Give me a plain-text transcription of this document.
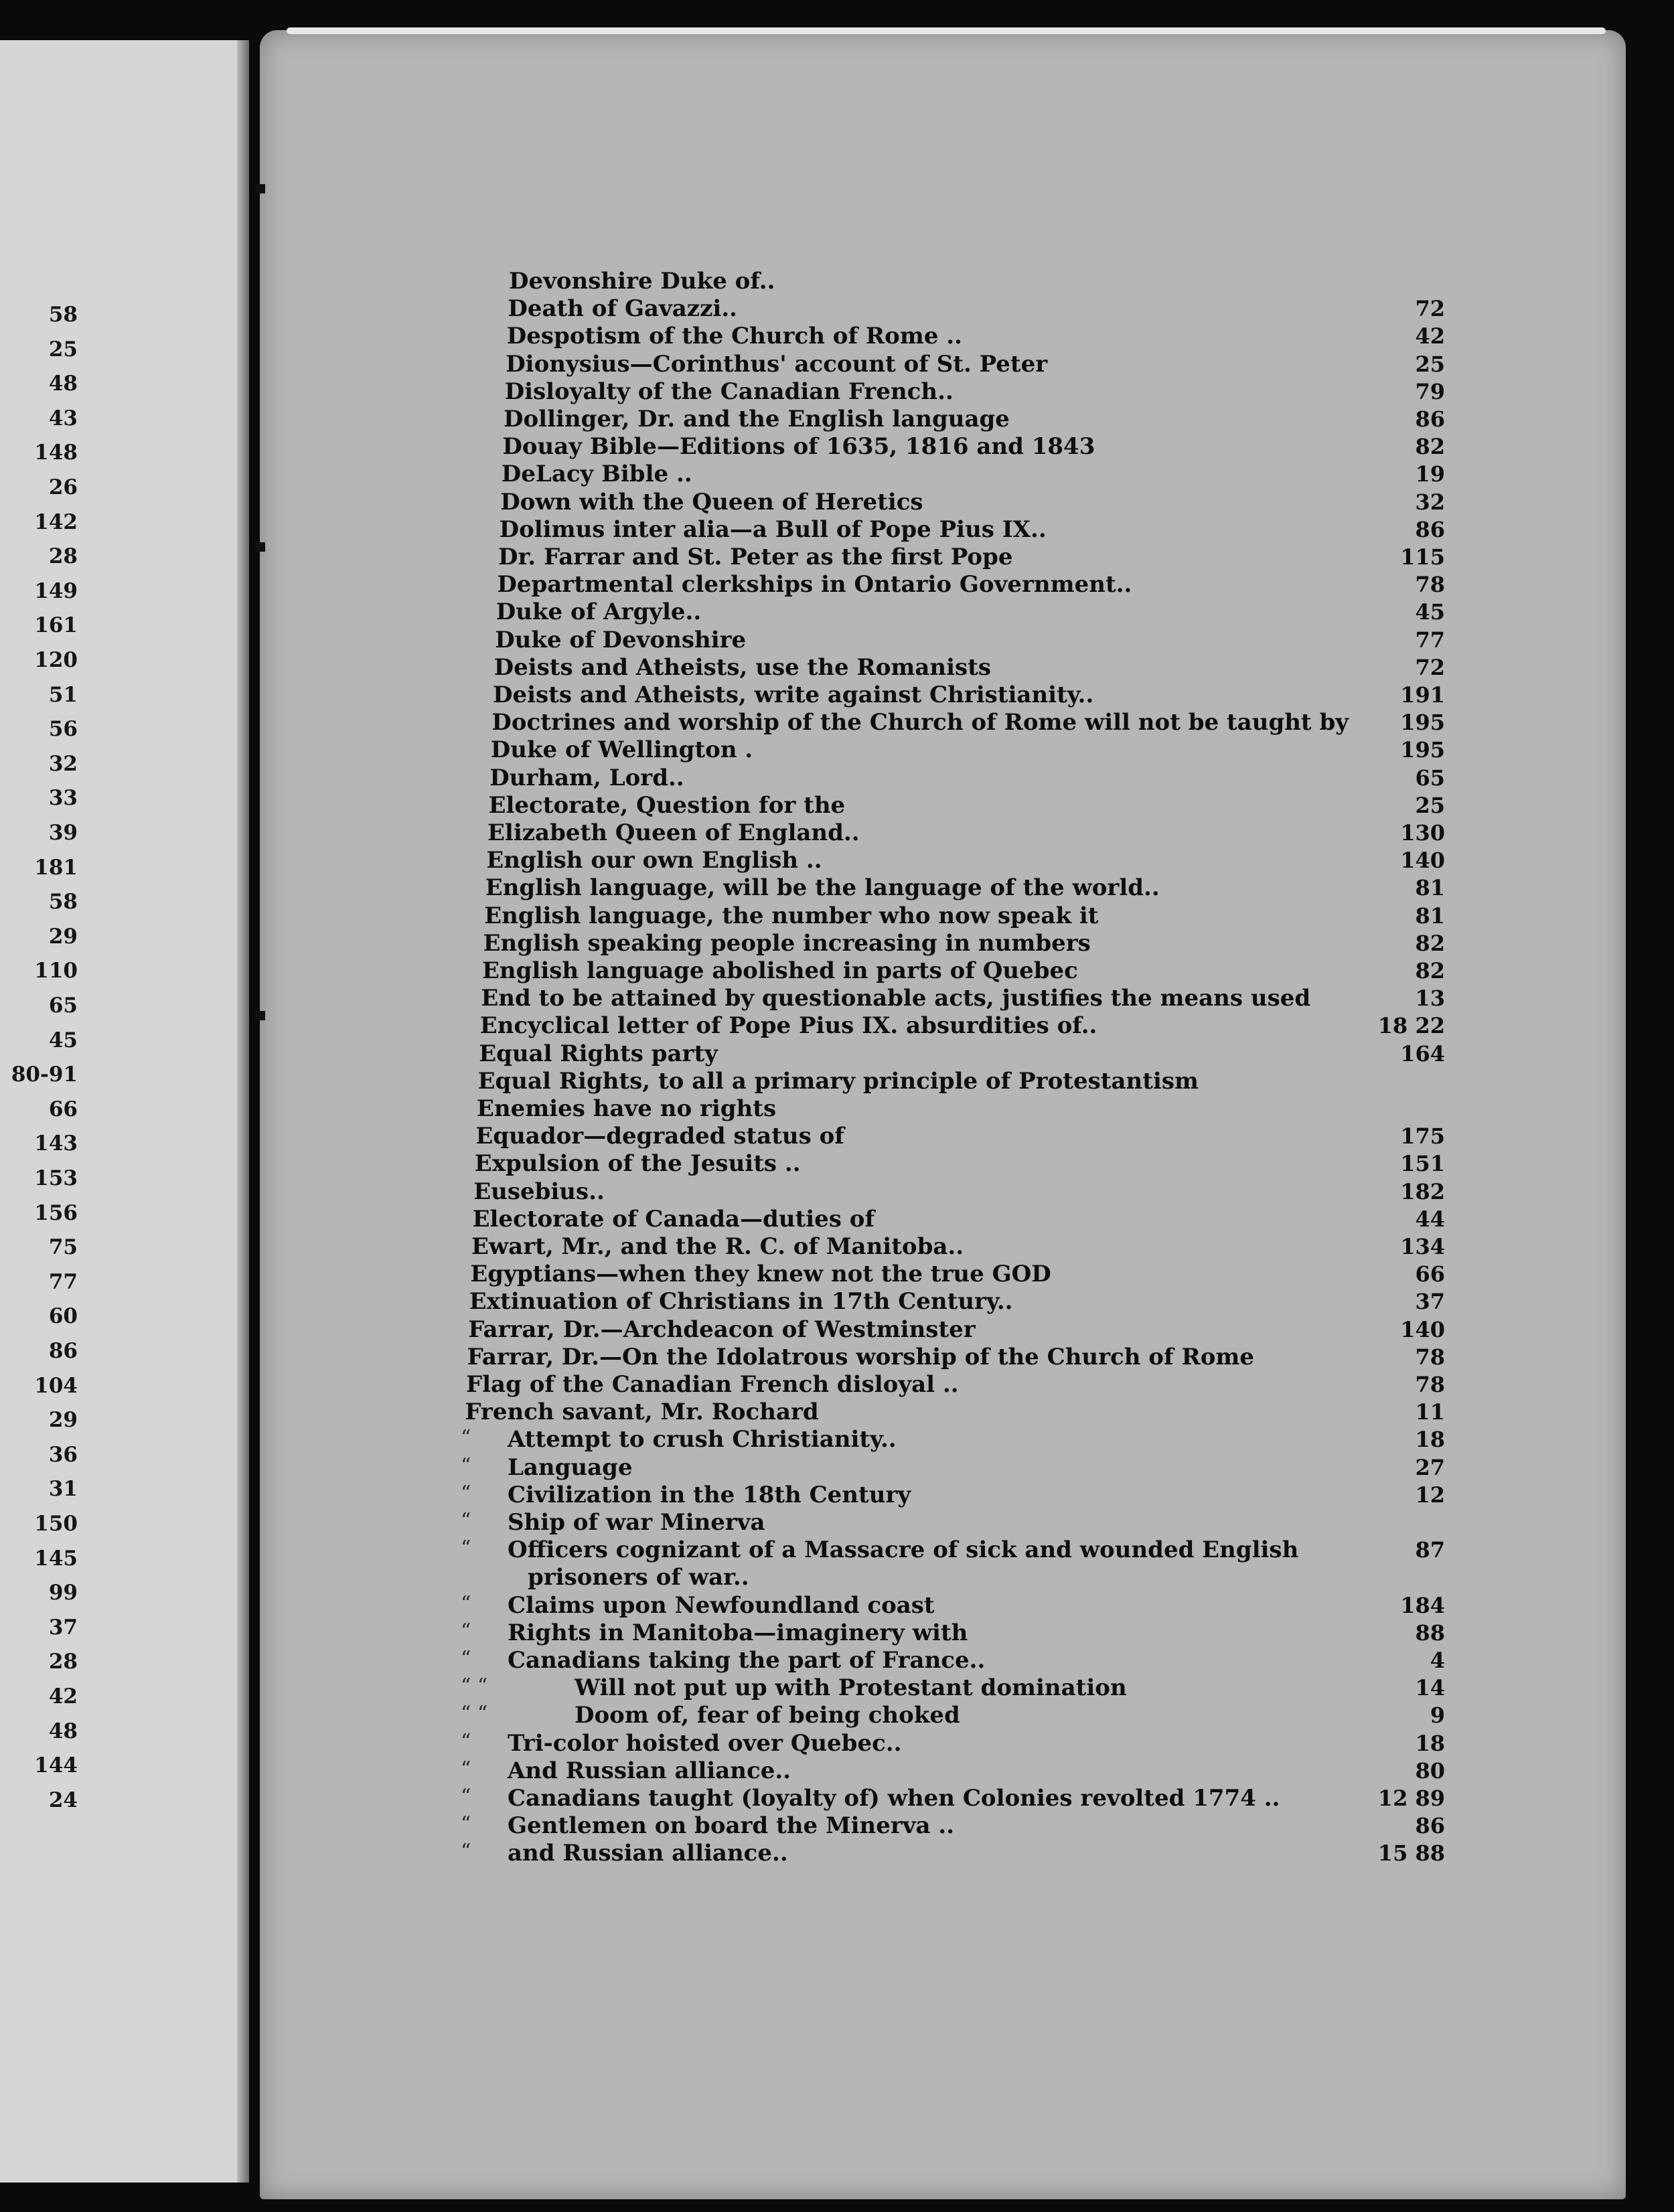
58
25
48
43
148
26
142
28
149
161
120
51
56
32
33
39
181
58
29
110
65
45
80-91
66
143
153
156
75
77
60
86
104
29
36
31
150
145
99
37
28
42
48
144
24
Devonshire Duke of..
Death of Gavazzi..	72
Despotism of the Church of Rome ..	42
Dionysius—Corinthus' account of St. Peter	25
Disloyalty of the Canadian French..	79
Dollinger, Dr. and the English language	86
Douay Bible—Editions of 1635, 1816 and 1843	82
DeLacy Bible ..	19
Down with the Queen of Heretics	32
Dolimus inter alia—a Bull of Pope Pius IX..	86
Dr. Farrar and St. Peter as the first Pope	115
Departmental clerkships in Ontario Government..	78
Duke of Argyle..	45
Duke of Devonshire	77
Deists and Atheists, use the Romanists	72
Deists and Atheists, write against Christianity..	191
Doctrines and worship of the Church of Rome will not be taught by 195
Duke of Wellington .	195
Durham, Lord..	65
Electorate, Question for the	25
Elizabeth Queen of England..	130
English our own English ..	140
English language, will be the language of the world..	81
English language, the number who now speak it	81
English speaking people increasing in numbers	82
English language abolished in parts of Quebec	82
End to be attained by questionable acts, justifies the means used	13
Encyclical letter of Pope Pius IX. absurdities of..	18 22
Equal Rights party	164
Equal Rights, to all a primary principle of Protestantism
Enemies have no rights
Equador—degraded status of	175
Expulsion of the Jesuits ..	151
Eusebius..	182
Electorate of Canada—duties of	44
Ewart, Mr., and the R. C. of Manitoba..	134
Egyptians—when they knew not the true GOD	66
Extinuation of Christians in 17th Century..	37
Farrar, Dr.—Archdeacon of Westminster	140
Farrar, Dr.—On the Idolatrous worship of the Church of Rome	78
Flag of the Canadian French disloyal ..	78
French savant, Mr. Rochard	11
“ Attempt to crush Christianity..	18
“ Language	27
“ Civilization in the 18th Century	12
“ Ship of war Minerva
“ Officers cognizant of a Massacre of sick and wounded English	87
prisoners of war..
“ Claims upon Newfoundland coast	184
“ Rights in Manitoba—imaginery with	88
“ Canadians taking the part of France..	4
“ “	Will not put up with Protestant domination	14
“ “	Doom of, fear of being choked	9
“ Tri-color hoisted over Quebec..	18
“ And Russian alliance..	80
“ Canadians taught (loyalty of) when Colonies revolted 1774 ..	12 89
“ Gentlemen on board the Minerva ..	86
“ and Russian alliance..	15 88
